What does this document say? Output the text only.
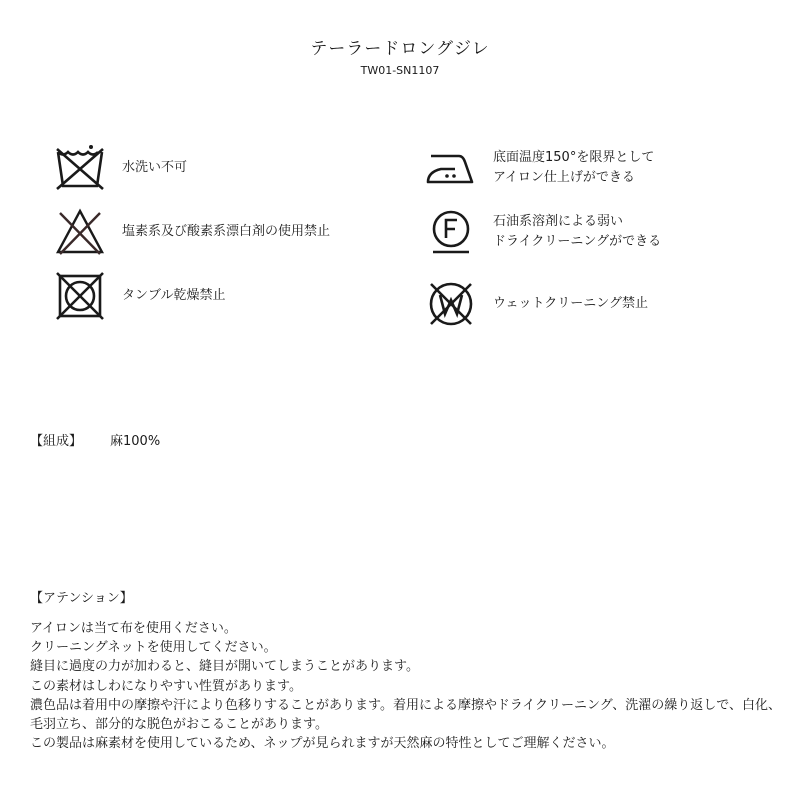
テーラードロングジレ
TW01-SN1107
水洗い不可
塩素系及び酸素系漂白剤の使用禁止
タンブル乾燥禁止
底面温度150°を限界として
アイロン仕上げができる
石油系溶剤による弱い
ドライクリーニングができる
ウェットクリーニング禁止
【組成】 麻100%
【アテンション】

アイロンは当て布を使用ください。

クリーニングネットを使用してください。

縫目に過度の力が加わると、縫目が開いてしまうことがあります。

この素材はしわになりやすい性質があります。

濃色品は着用中の摩擦や汗により色移りすることがあります。着用による摩擦やドライクリーニング、洗濯の繰り返しで、白化、毛羽立ち、部分的な脱色がおこることがあります。

この製品は麻素材を使用しているため、ネップが見られますが天然麻の特性としてご理解ください。
